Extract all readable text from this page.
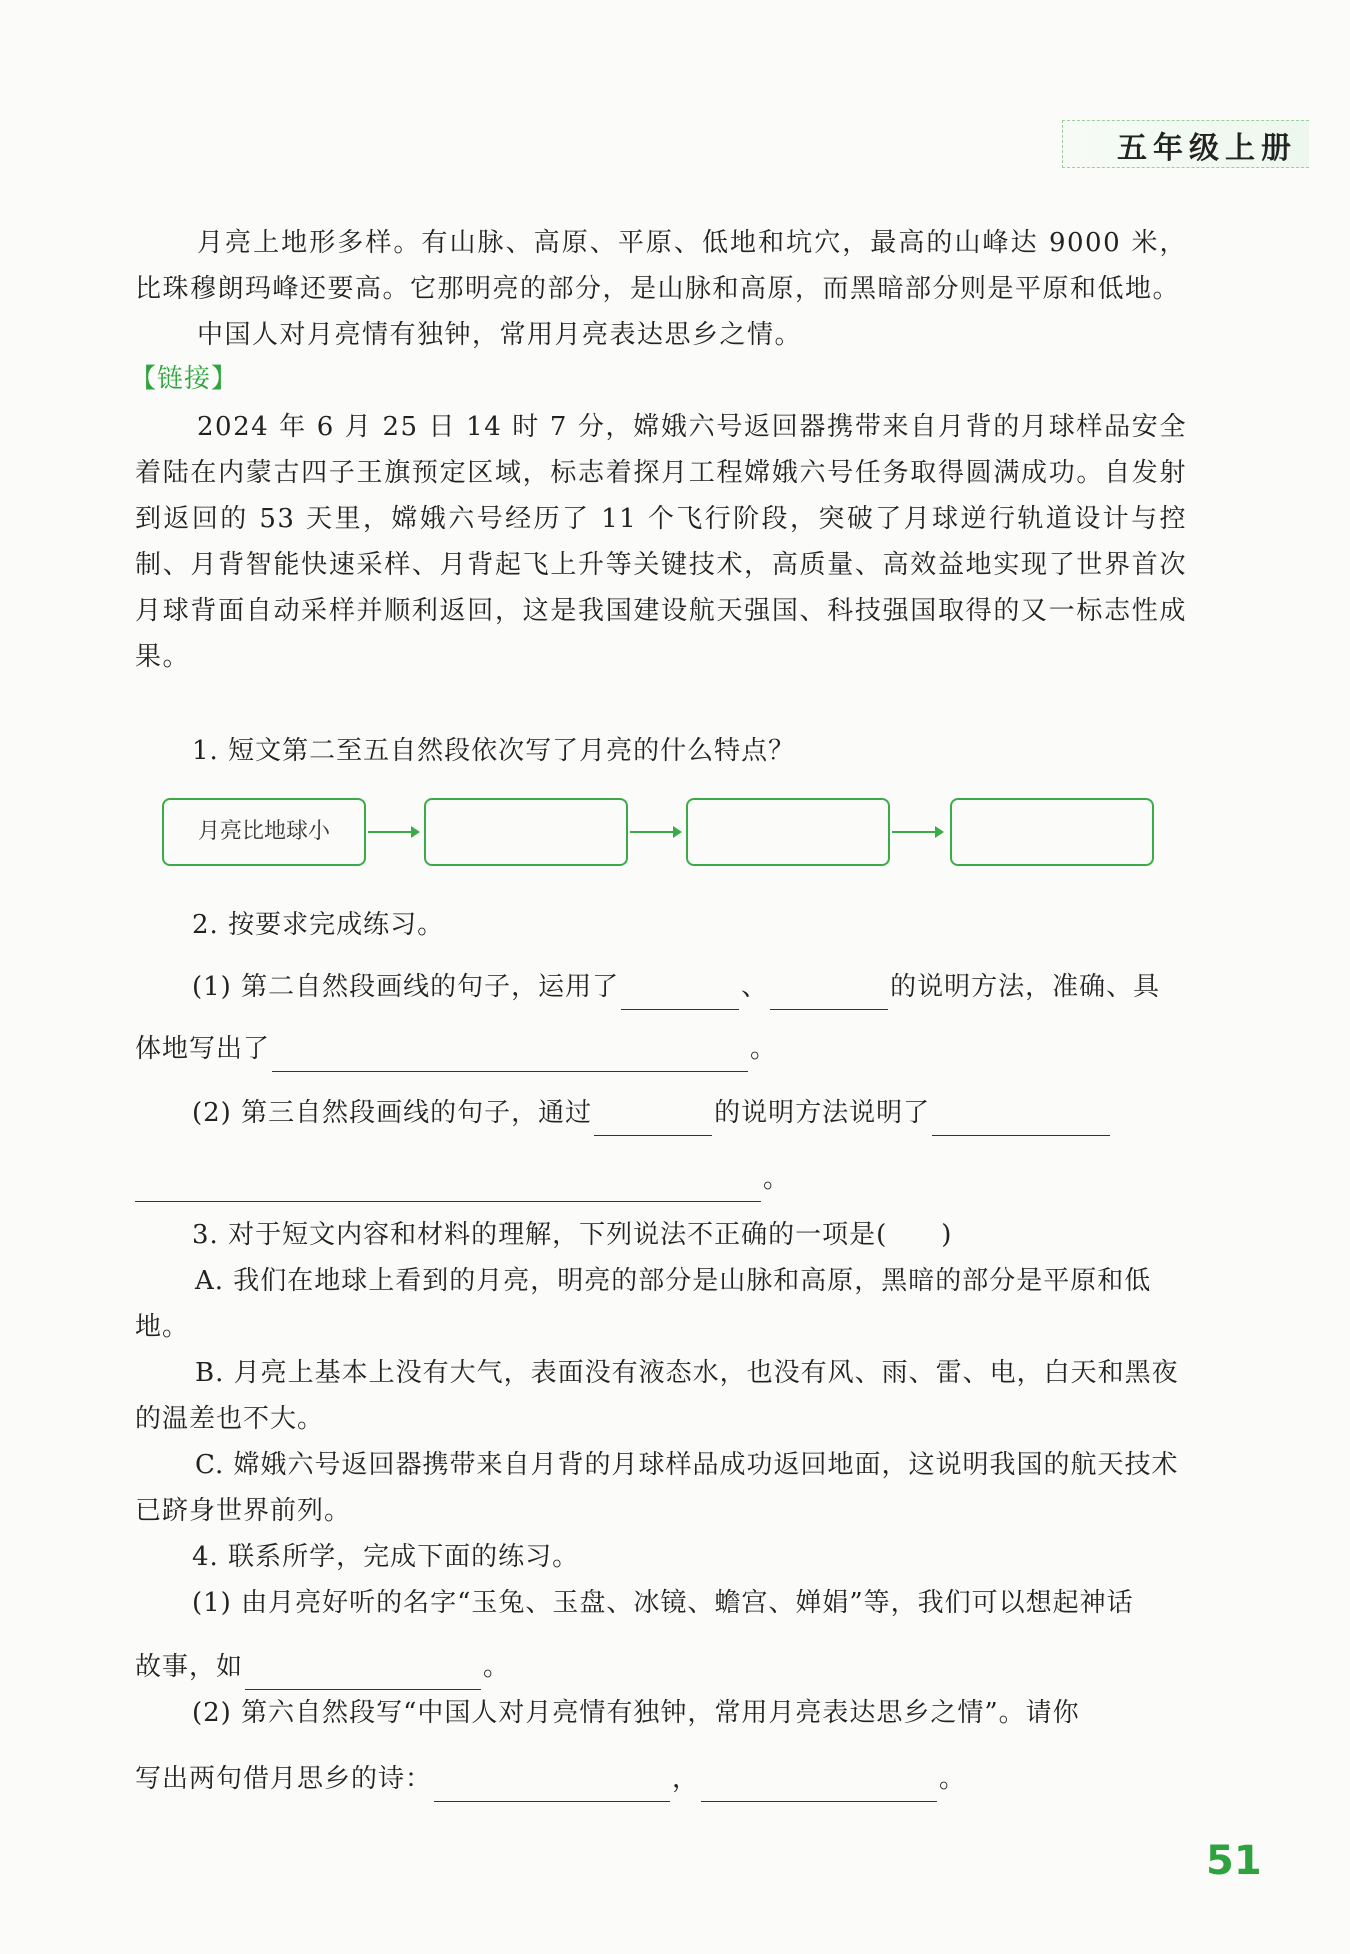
五年级上册
月亮上地形多样。有山脉、高原、平原、低地和坑穴，最高的山峰达 9000 米，比珠穆朗玛峰还要高。它那明亮的部分，是山脉和高原，而黑暗部分则是平原和低地。
中国人对月亮情有独钟，常用月亮表达思乡之情。
【链接】
2024 年 6 月 25 日 14 时 7 分，嫦娥六号返回器携带来自月背的月球样品安全着陆在内蒙古四子王旗预定区域，标志着探月工程嫦娥六号任务取得圆满成功。自发射到返回的 53 天里，嫦娥六号经历了 11 个飞行阶段，突破了月球逆行轨道设计与控制、月背智能快速采样、月背起飞上升等关键技术，高质量、高效益地实现了世界首次月球背面自动采样并顺利返回，这是我国建设航天强国、科技强国取得的又一标志性成果。
1. 短文第二至五自然段依次写了月亮的什么特点？
月亮比地球小
2. 按要求完成练习。
(1) 第二自然段画线的句子，运用了	、	的说明方法，准确、具
体地写出了	。
(2) 第三自然段画线的句子，通过	的说明方法说明了
。
3. 对于短文内容和材料的理解，下列说法不正确的一项是(　　)
A. 我们在地球上看到的月亮，明亮的部分是山脉和高原，黑暗的部分是平原和低地。
B. 月亮上基本上没有大气，表面没有液态水，也没有风、雨、雷、电，白天和黑夜的温差也不大。
C. 嫦娥六号返回器携带来自月背的月球样品成功返回地面，这说明我国的航天技术已跻身世界前列。
4. 联系所学，完成下面的练习。
(1) 由月亮好听的名字“玉兔、玉盘、冰镜、蟾宫、婵娟”等，我们可以想起神话
故事，如	。
(2) 第六自然段写“中国人对月亮情有独钟，常用月亮表达思乡之情”。请你
写出两句借月思乡的诗：	，	。
51
